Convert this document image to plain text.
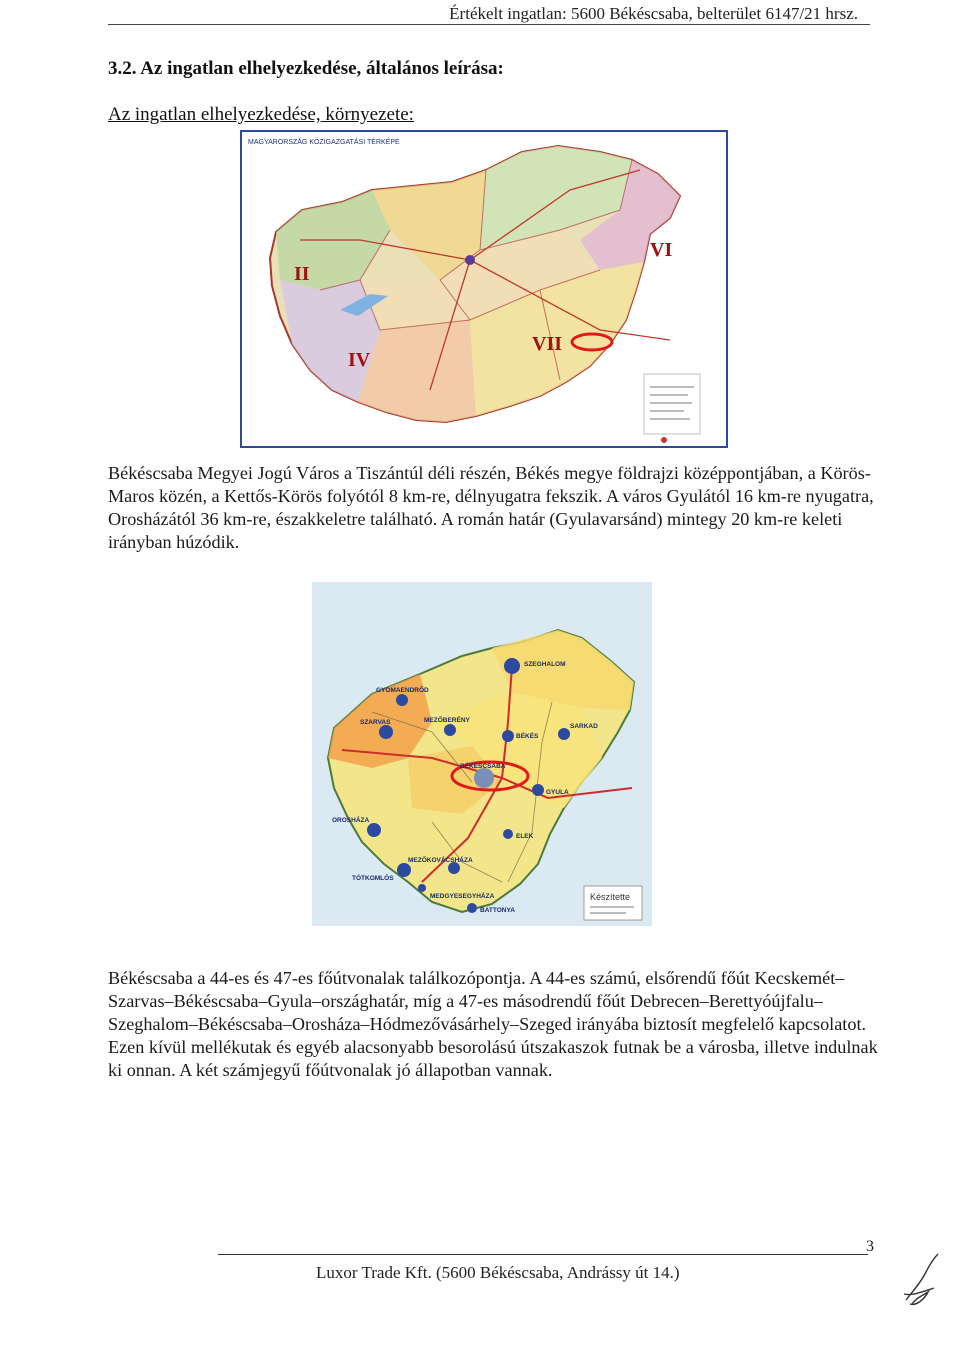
Értékelt ingatlan: 5600 Békéscsaba, belterület 6147/21 hrsz.
3.2. Az ingatlan elhelyezkedése, általános leírása:
Az ingatlan elhelyezkedése, környezete:
MAGYARORSZÁG KÖZIGAZGATÁSI TÉRKÉPE
II
IV
VI
VII
Békéscsaba Megyei Jogú Város a Tiszántúl déli részén, Békés megye földrajzi középpontjában, a Körös-Maros közén, a Kettős-Körös folyótól 8 km-re, délnyugatra fekszik. A város Gyulától 16 km-re nyugatra, Orosházától 36 km-re, északkeletre található. A román határ (Gyulavarsánd) mintegy 20 km-re keleti irányban húzódik.
SZEGHALOM
GYOMAENDRŐD
SZARVAS	MEZŐBERÉNY
BÉKÉS
SARKAD
BÉKÉSCSABA
GYULA
OROSHÁZA
ELEK
MEZŐKOVÁCSHÁZA
BATTONYA
TÓTKOMLÓS
MEDGYESEGYHÁZA	Készítette
Békéscsaba a 44-es és 47-es főútvonalak találkozópontja. A 44-es számú, elsőrendű főút Kecskemét–Szarvas–Békéscsaba–Gyula–országhatár, míg a 47-es másodrendű főút Debrecen–Berettyóújfalu–Szeghalom–Békéscsaba–Orosháza–Hódmezővásárhely–Szeged irányába biztosít megfelelő kapcsolatot. Ezen kívül mellékutak és egyéb alacsonyabb besorolású útszakaszok futnak be a városba, illetve indulnak ki onnan. A két számjegyű főútvonalak jó állapotban vannak.
3
Luxor Trade Kft. (5600 Békéscsaba, Andrássy út 14.)
